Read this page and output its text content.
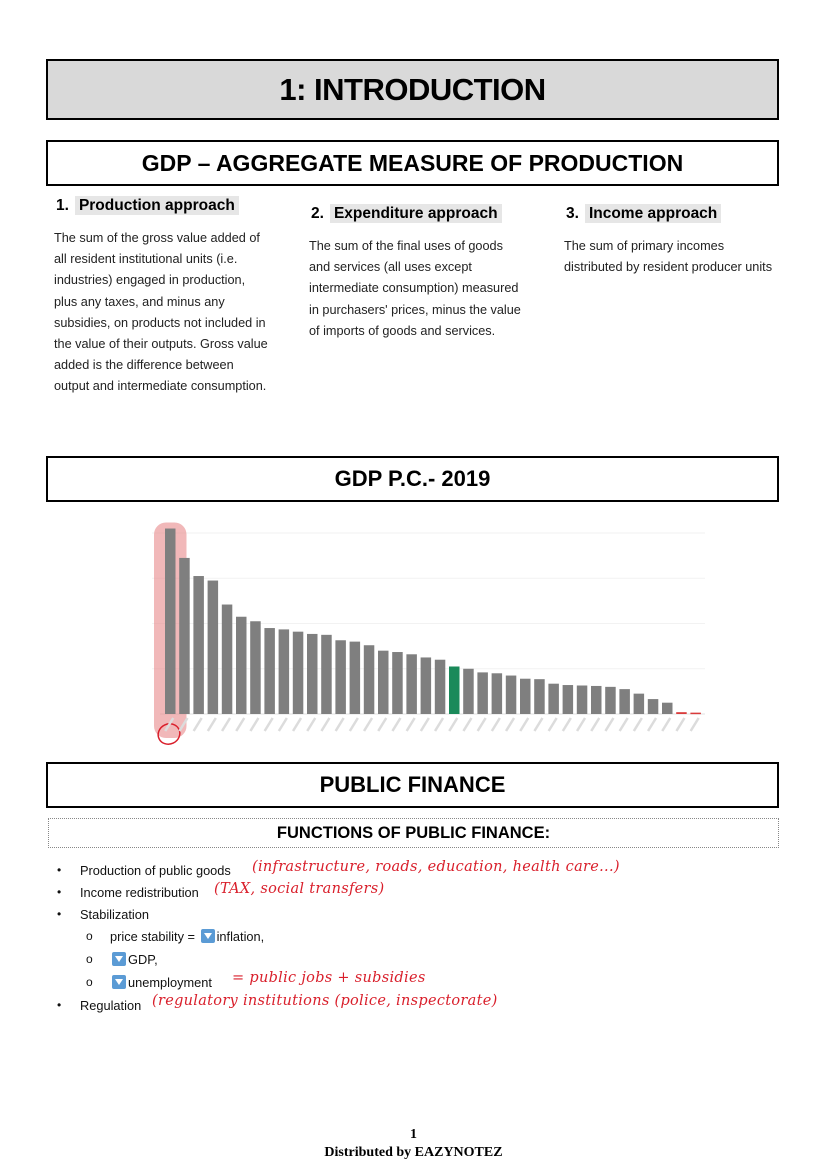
1: INTRODUCTION
GDP – AGGREGATE MEASURE OF PRODUCTION
1. Production approach
The sum of the gross value added of all resident institutional units (i.e. industries) engaged in production, plus any taxes, and minus any subsidies, on products not included in the value of their outputs. Gross value added is the difference between output and intermediate consumption.
2. Expenditure approach
The sum of the final uses of goods and services (all uses except intermediate consumption) measured in purchasers' prices, minus the value of imports of goods and services.
3. Income approach
The sum of primary incomes distributed by resident producer units
GDP P.C.- 2019
PUBLIC FINANCE
FUNCTIONS OF PUBLIC FINANCE:
• Production of public goods (infrastructure, roads, education, health care...)
• Income redistribution (TAX, social transfers)
• Stabilization
o price stability = inflation,
o	GDP,
o	unemployment = public jobs + subsidies
• Regulation (regulatory institutions (police, inspectorate)
1
Distributed by EAZYNOTEZ
